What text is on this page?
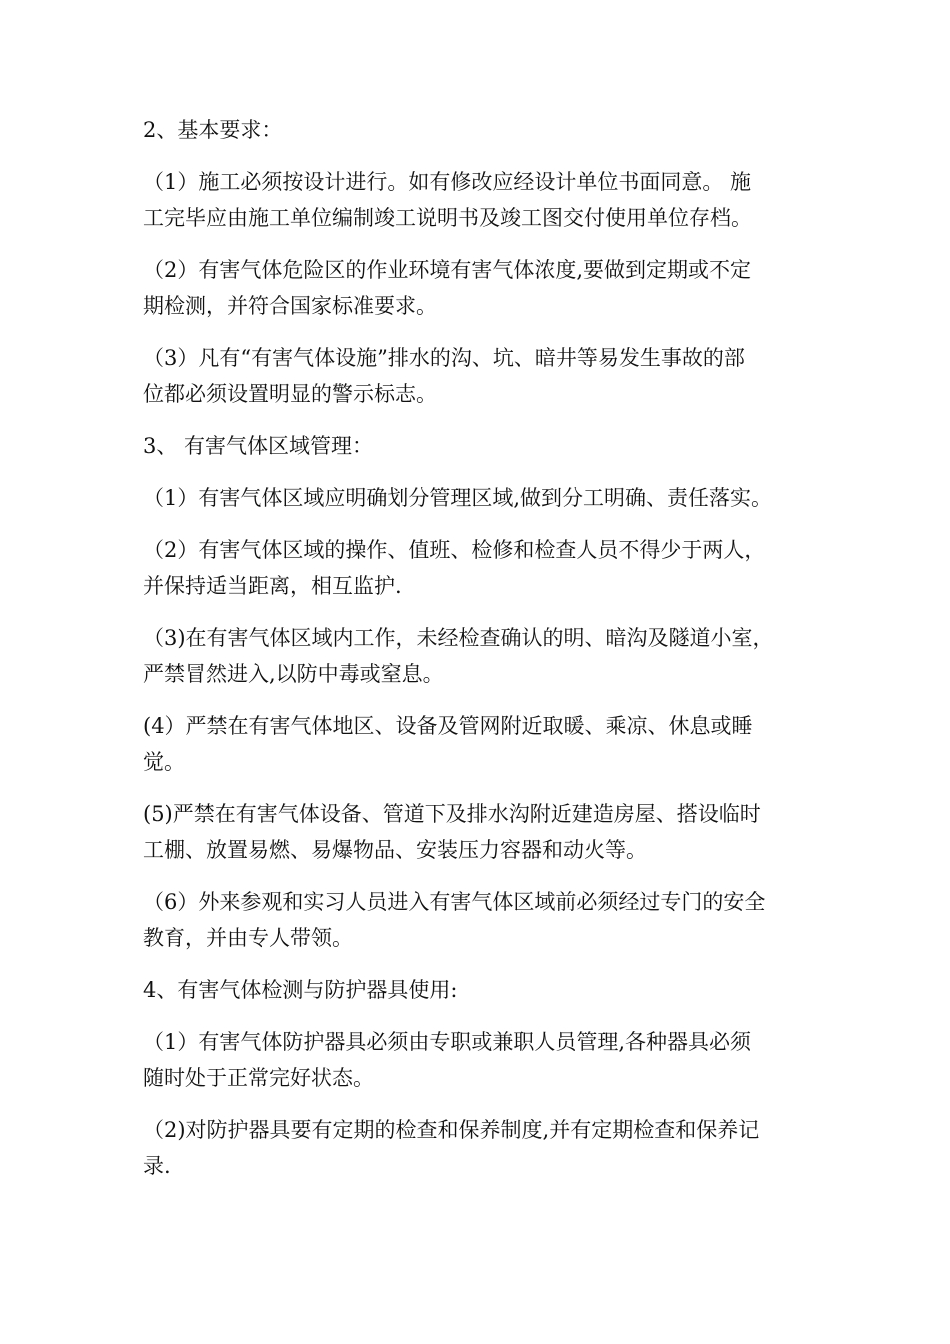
2、基本要求：
（1）施工必须按设计进行。如有修改应经设计单位书面同意。 施
工完毕应由施工单位编制竣工说明书及竣工图交付使用单位存档。
（2）有害气体危险区的作业环境有害气体浓度,要做到定期或不定
期检测，并符合国家标准要求。
（3）凡有“有害气体设施”排水的沟、坑、暗井等易发生事故的部
位都必须设置明显的警示标志。
3、 有害气体区域管理：
（1）有害气体区域应明确划分管理区域,做到分工明确、责任落实。
（2）有害气体区域的操作、值班、检修和检查人员不得少于两人，
并保持适当距离，相互监护.
（3)在有害气体区域内工作，未经检查确认的明、暗沟及隧道小室，
严禁冒然进入,以防中毒或窒息。
(4）严禁在有害气体地区、设备及管网附近取暖、乘凉、休息或睡
觉。
(5)严禁在有害气体设备、管道下及排水沟附近建造房屋、搭设临时
工棚、放置易燃、易爆物品、安装压力容器和动火等。
（6）外来参观和实习人员进入有害气体区域前必须经过专门的安全
教育，并由专人带领。
4、有害气体检测与防护器具使用:
（1）有害气体防护器具必须由专职或兼职人员管理,各种器具必须
随时处于正常完好状态。
（2)对防护器具要有定期的检查和保养制度,并有定期检查和保养记
录.
